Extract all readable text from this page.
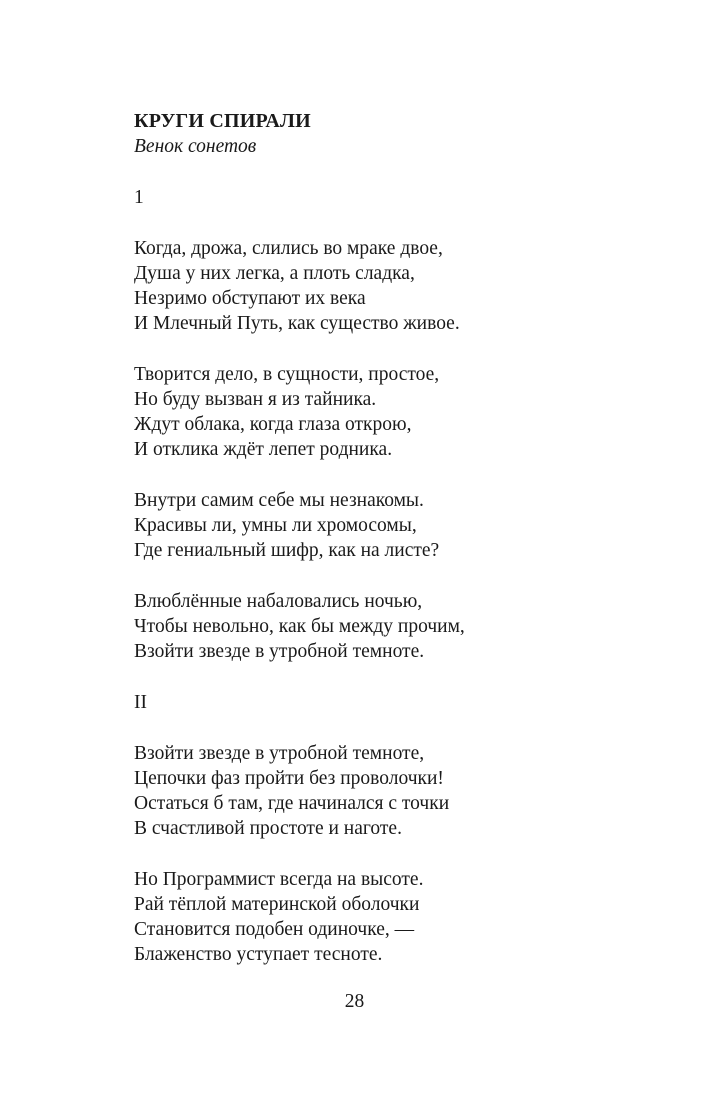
КРУГИ СПИРАЛИ
Венок сонетов
1
Когда, дрожа, слились во мраке двое,
Душа у них легка, а плоть сладка,
Незримо обступают их века
И Млечный Путь, как существо живое.
Творится дело, в сущности, простое,
Но буду вызван я из тайника.
Ждут облака, когда глаза открою,
И отклика ждёт лепет родника.
Внутри самим себе мы незнакомы.
Красивы ли, умны ли хромосомы,
Где гениальный шифр, как на листе?
Влюблённые набаловались ночью,
Чтобы невольно, как бы между прочим,
Взойти звезде в утробной темноте.
II
Взойти звезде в утробной темноте,
Цепочки фаз пройти без проволочки!
Остаться б там, где начинался с точки
В счастливой простоте и наготе.
Но Программист всегда на высоте.
Рай тёплой материнской оболочки
Становится подобен одиночке, —
Блаженство уступает тесноте.
28
